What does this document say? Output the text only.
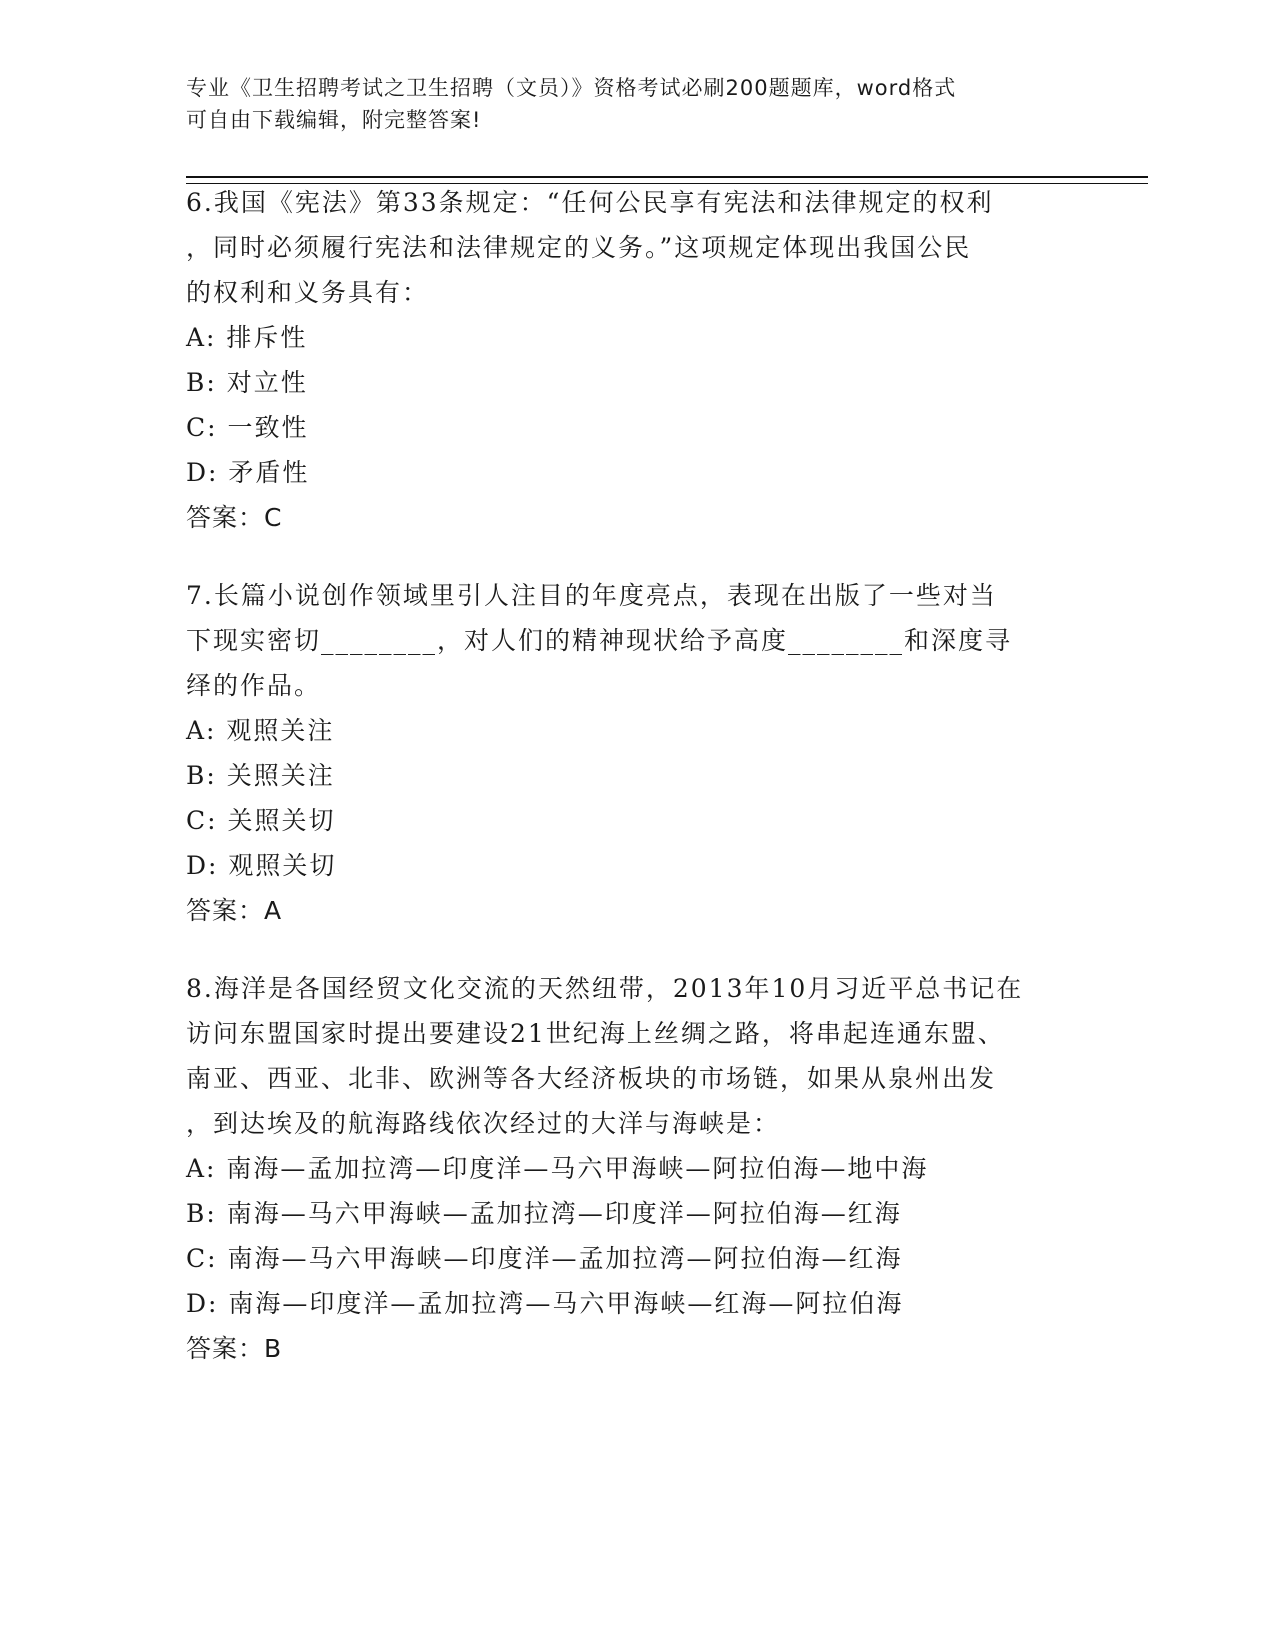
专业《卫生招聘考试之卫生招聘（文员）》资格考试必刷200题题库，word格式
可自由下载编辑，附完整答案!
6.我国《宪法》第33条规定：“任何公民享有宪法和法律规定的权利
，同时必须履行宪法和法律规定的义务。”这项规定体现出我国公民
的权利和义务具有：
A: 排斥性
B: 对立性
C: 一致性
D: 矛盾性
答案：C
7.长篇小说创作领域里引人注目的年度亮点，表现在出版了一些对当
下现实密切________，对人们的精神现状给予高度________和深度寻
绎的作品。
A: 观照关注
B: 关照关注
C: 关照关切
D: 观照关切
答案：A
8.海洋是各国经贸文化交流的天然纽带，2013年10月习近平总书记在
访问东盟国家时提出要建设21世纪海上丝绸之路，将串起连通东盟、
南亚、西亚、北非、欧洲等各大经济板块的市场链，如果从泉州出发
，到达埃及的航海路线依次经过的大洋与海峡是：
A: 南海—孟加拉湾—印度洋—马六甲海峡—阿拉伯海—地中海
B: 南海—马六甲海峡—孟加拉湾—印度洋—阿拉伯海—红海
C: 南海—马六甲海峡—印度洋—孟加拉湾—阿拉伯海—红海
D: 南海—印度洋—孟加拉湾—马六甲海峡—红海—阿拉伯海
答案：B
